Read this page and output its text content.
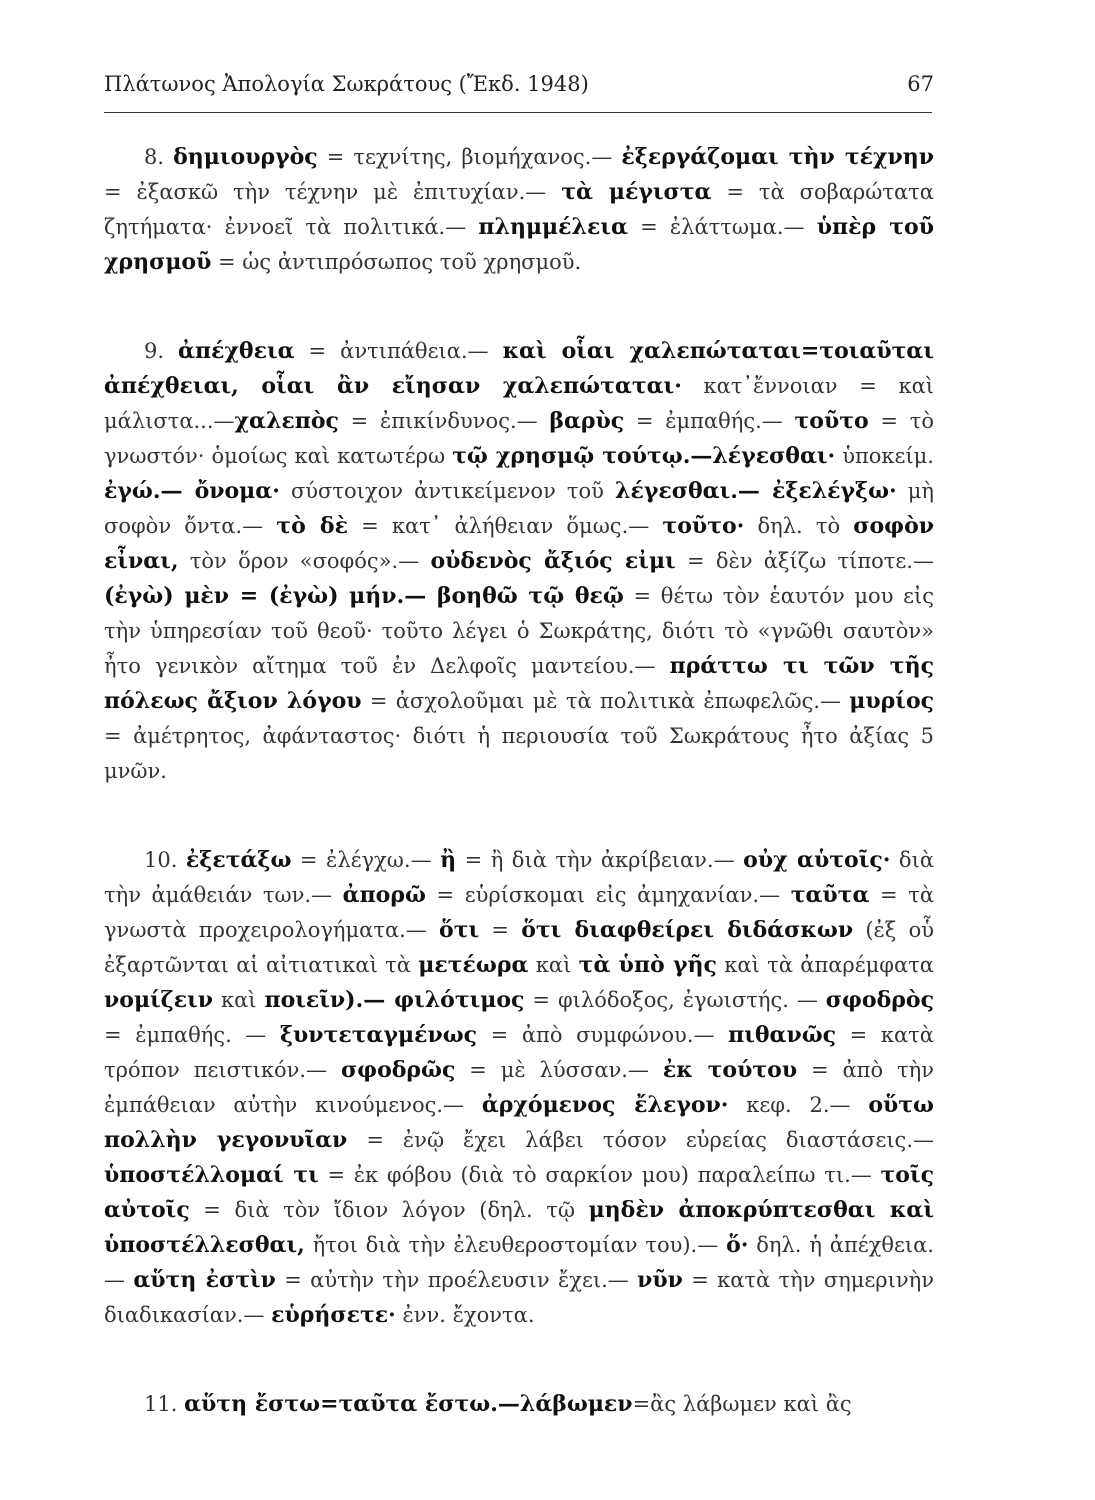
Πλάτωνος Ἀπολογία Σωκράτους (Ἔκδ. 1948)	67

8. δημιουργὸς = τεχνίτης, βιομήχανος.— ἐξεργάζομαι τὴν τέχνην = ἐξασκῶ τὴν τέχνην μὲ ἐπιτυχίαν.— τὰ μέγιστα = τὰ σοβαρώτατα ζητήματα· ἐννοεῖ τὰ πολιτικά.— πλημμέλεια = ἐλάττωμα.— ὑπὲρ τοῦ χρησμοῦ = ὡς ἀντιπρόσωπος τοῦ χρησμοῦ.

9. ἀπέχθεια = ἀντιπάθεια.— καὶ οἷαι χαλεπώταται=τοιαῦται ἀπέχθειαι, οἷαι ἂν εἴησαν χαλεπώταται· κατ᾽ἔννοιαν = καὶ μάλιστα...—χαλεπὸς = ἐπικίνδυνος.— βαρὺς = ἐμπαθής.— τοῦτο = τὸ γνωστόν· ὁμοίως καὶ κατωτέρω τῷ χρησμῷ τούτῳ.—λέγεσθαι· ὑποκείμ. ἐγώ.— ὄνομα· σύστοιχον ἀντικείμενον τοῦ λέγεσθαι.— ἐξελέγξω· μὴ σοφὸν ὄντα.— τὸ δὲ = κατ᾽ ἀλήθειαν ὅμως.— τοῦτο· δηλ. τὸ σοφὸν εἶναι, τὸν ὅρον «σοφός».— οὐδενὸς ἄξιός εἰμι = δὲν ἀξίζω τίποτε.— (ἐγὼ) μὲν = (ἐγὼ) μήν.— βοηθῶ τῷ θεῷ = θέτω τὸν ἑαυτόν μου εἰς τὴν ὑπηρεσίαν τοῦ θεοῦ· τοῦτο λέγει ὁ Σωκράτης, διότι τὸ «γνῶθι σαυτὸν» ἦτο γενικὸν αἴτημα τοῦ ἐν Δελφοῖς μαντείου.— πράττω τι τῶν τῆς πόλεως ἄξιον λόγου = ἀσχολοῦμαι μὲ τὰ πολιτικὰ ἐπωφελῶς.— μυρίος = ἀμέτρητος, ἀφάνταστος· διότι ἡ περιουσία τοῦ Σωκράτους ἦτο ἀξίας 5 μνῶν.

10. ἐξετάξω = ἐλέγχω.— ἢ = ἢ διὰ τὴν ἀκρίβειαν.— οὐχ αὑτοῖς· διὰ τὴν ἀμάθειάν των.— ἀπορῶ = εὑρίσκομαι εἰς ἀμηχανίαν.— ταῦτα = τὰ γνωστὰ προχειρολογήματα.— ὅτι = ὅτι διαφθείρει διδάσκων (ἐξ οὗ ἐξαρτῶνται αἱ αἰτιατικαὶ τὰ μετέωρα καὶ τὰ ὑπὸ γῆς καὶ τὰ ἀπαρέμφατα νομίζειν καὶ ποιεῖν).— φιλότιμος = φιλόδοξος, ἐγωιστής. — σφοδρὸς = ἐμπαθής. — ξυντεταγμένως = ἀπὸ συμφώνου.— πιθανῶς = κατὰ τρόπον πειστικόν.— σφοδρῶς = μὲ λύσσαν.— ἐκ τούτου = ἀπὸ τὴν ἐμπάθειαν αὐτὴν κινούμενος.— ἀρχόμενος ἔλεγον· κεφ. 2.— οὕτω πολλὴν γεγονυῖαν = ἐνῷ ἔχει λάβει τόσον εὐρείας διαστάσεις.— ὑποστέλλομαί τι = ἐκ φόβου (διὰ τὸ σαρκίον μου) παραλείπω τι.— τοῖς αὐτοῖς = διὰ τὸν ἴδιον λόγον (δηλ. τῷ μηδὲν ἀποκρύπτεσθαι καὶ ὑποστέλλεσθαι, ἤτοι διὰ τὴν ἐλευθεροστομίαν του).— ὅ· δηλ. ἡ ἀπέχθεια.— αὕτη ἐστὶν = αὐτὴν τὴν προέλευσιν ἔχει.— νῦν = κατὰ τὴν σημερινὴν διαδικασίαν.— εὑρήσετε· ἐνν. ἔχοντα.

11. αὕτη ἔστω=ταῦτα ἔστω.—λάβωμεν=ἂς λάβωμεν καὶ ἂς
